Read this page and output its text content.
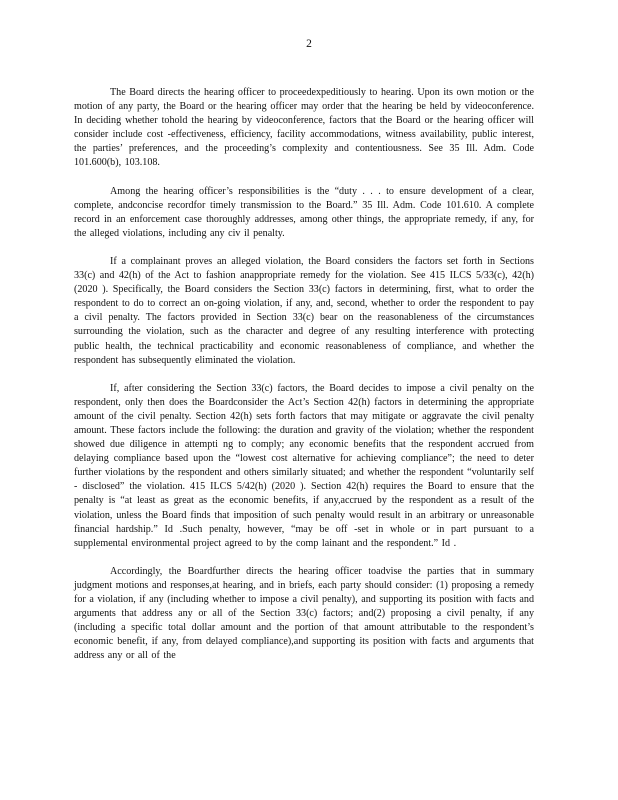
2

The Board directs the hearing officer to proceedexpeditiously to hearing. Upon its own motion or the motion of any party, the Board or the hearing officer may order that the hearing be held by videoconference. In deciding whether tohold the hearing by videoconference, factors that the Board or the hearing officer will consider include cost -effectiveness, efficiency, facility accommodations, witness availability, public interest, the parties’ preferences, and the proceeding’s complexity and contentiousness. See 35 Ill. Adm. Code 101.600(b), 103.108.

Among the hearing officer’s responsibilities is the “duty . . . to ensure development of a clear, complete, andconcise recordfor timely transmission to the Board.” 35 Ill. Adm. Code 101.610. A complete record in an enforcement case thoroughly addresses, among other things, the appropriate remedy, if any, for the alleged violations, including any civ il penalty.

If a complainant proves an alleged violation, the Board considers the factors set forth in Sections 33(c) and 42(h) of the Act to fashion anappropriate remedy for the violation. See 415 ILCS 5/33(c), 42(h) (2020 ). Specifically, the Board considers the Section 33(c) factors in determining, first, what to order the respondent to do to correct an on-going violation, if any, and, second, whether to order the respondent to pay a civil penalty. The factors provided in Section 33(c) bear on the reasonableness of the circumstances surrounding the violation, such as the character and degree of any resulting interference with protecting public health, the technical practicability and economic reasonableness of compliance, and whether the respondent has subsequently eliminated the violation.

If, after considering the Section 33(c) factors, the Board decides to impose a civil penalty on the respondent, only then does the Boardconsider the Act’s Section 42(h) factors in determining the appropriate amount of the civil penalty. Section 42(h) sets forth factors that may mitigate or aggravate the civil penalty amount. These factors include the following: the duration and gravity of the violation; whether the respondent showed due diligence in attempti ng to comply; any economic benefits that the respondent accrued from delaying compliance based upon the “lowest cost alternative for achieving compliance”; the need to deter further violations by the respondent and others similarly situated; and whether the respondent “voluntarily self - disclosed” the violation. 415 ILCS 5/42(h) (2020 ). Section 42(h) requires the Board to ensure that the penalty is “at least as great as the economic benefits, if any,accrued by the respondent as a result of the violation, unless the Board finds that imposition of such penalty would result in an arbitrary or unreasonable financial hardship.” Id .Such penalty, however, “may be off -set in whole or in part pursuant to a supplemental environmental project agreed to by the comp lainant and the respondent.” Id .

Accordingly, the Boardfurther directs the hearing officer toadvise the parties that in summary judgment motions and responses,at hearing, and in briefs, each party should consider: (1) proposing a remedy for a violation, if any (including whether to impose a civil penalty), and supporting its position with facts and arguments that address any or all of the Section 33(c) factors; and(2) proposing a civil penalty, if any (including a specific total dollar amount and the portion of that amount attributable to the respondent’s economic benefit, if any, from delayed compliance),and supporting its position with facts and arguments that address any or all of the
